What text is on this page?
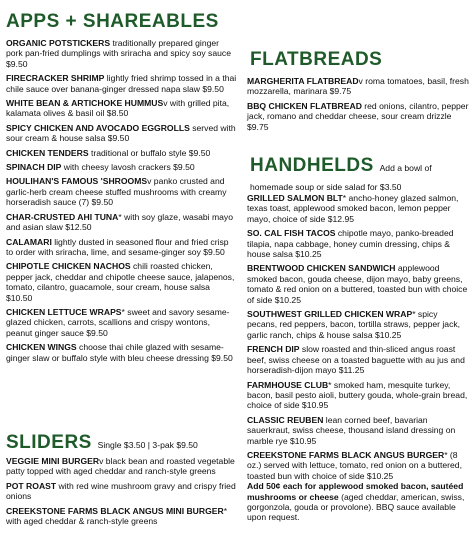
APPS + SHAREABLES

ORGANIC POTSTICKERS traditionally prepared ginger pork pan-fried dumplings with sriracha and spicy soy sauce $9.50

FIRECRACKER SHRIMP lightly fried shrimp tossed in a thai chile sauce over banana-ginger dressed napa slaw $9.50

WHITE BEAN & ARTICHOKE HUMMUSv with grilled pita, kalamata olives & basil oil $8.50

SPICY CHICKEN AND AVOCADO EGGROLLS served with sour cream & house salsa $9.50

CHICKEN TENDERS traditional or buffalo style $9.50

SPINACH DIP with cheesy lavosh crackers $9.50

HOULIHAN'S FAMOUS 'SHROOMSv panko crusted and garlic-herb cream cheese stuffed mushrooms with creamy horseradish sauce (7) $9.50

CHAR-CRUSTED AHI TUNA* with soy glaze, wasabi mayo and asian slaw $12.50

CALAMARI lightly dusted in seasoned flour and fried crisp to order with sriracha, lime, and sesame-ginger soy $9.50

CHIPOTLE CHICKEN NACHOS chili roasted chicken, pepper jack, cheddar and chipotle cheese sauce, jalapenos, tomato, cilantro, guacamole, sour cream, house salsa $10.50

CHICKEN LETTUCE WRAPS* sweet and savory sesame-glazed chicken, carrots, scallions and crispy wontons, peanut ginger sauce $9.50

CHICKEN WINGS choose thai chile glazed with sesame-ginger slaw or buffalo style with bleu cheese dressing $9.50

SLIDERS Single $3.50 | 3-pak $9.50

VEGGIE MINI BURGERv black bean and roasted vegetable patty topped with aged cheddar and ranch-style greens

POT ROAST with red wine mushroom gravy and crispy fried onions

CREEKSTONE FARMS BLACK ANGUS MINI BURGER* with aged cheddar & ranch-style greens

FLATBREADS

MARGHERITA FLATBREADv roma tomatoes, basil, fresh mozzarella, marinara $9.75

BBQ CHICKEN FLATBREAD red onions, cilantro, pepper jack, romano and cheddar cheese, sour cream drizzle $9.75

HANDHELDS Add a bowl of homemade soup or side salad for $3.50

GRILLED SALMON BLT* ancho-honey glazed salmon, texas toast, applewood smoked bacon, lemon pepper mayo, choice of side $12.95

SO. CAL FISH TACOS chipotle mayo, panko-breaded tilapia, napa cabbage, honey cumin dressing, chips & house salsa $10.25

BRENTWOOD CHICKEN SANDWICH applewood smoked bacon, gouda cheese, dijon mayo, baby greens, tomato & red onion on a buttered, toasted bun with choice of side $10.25

SOUTHWEST GRILLED CHICKEN WRAP* spicy pecans, red peppers, bacon, tortilla straws, pepper jack, garlic ranch, chips & house salsa $10.25

FRENCH DIP slow roasted and thin-sliced angus roast beef, swiss cheese on a toasted baguette with au jus and horseradish-dijon mayo $11.25

FARMHOUSE CLUB* smoked ham, mesquite turkey, bacon, basil pesto aioli, buttery gouda, whole-grain bread, choice of side $10.95

CLASSIC REUBEN lean corned beef, bavarian sauerkraut, swiss cheese, thousand island dressing on marble rye $10.95

CREEKSTONE FARMS BLACK ANGUS BURGER* (8 oz.) served with lettuce, tomato, red onion on a buttered, toasted bun with choice of side $10.25

Add 50¢ each for applewood smoked bacon, sautéed mushrooms or cheese (aged cheddar, american, swiss, gorgonzola, gouda or provolone). BBQ sauce available upon request.
